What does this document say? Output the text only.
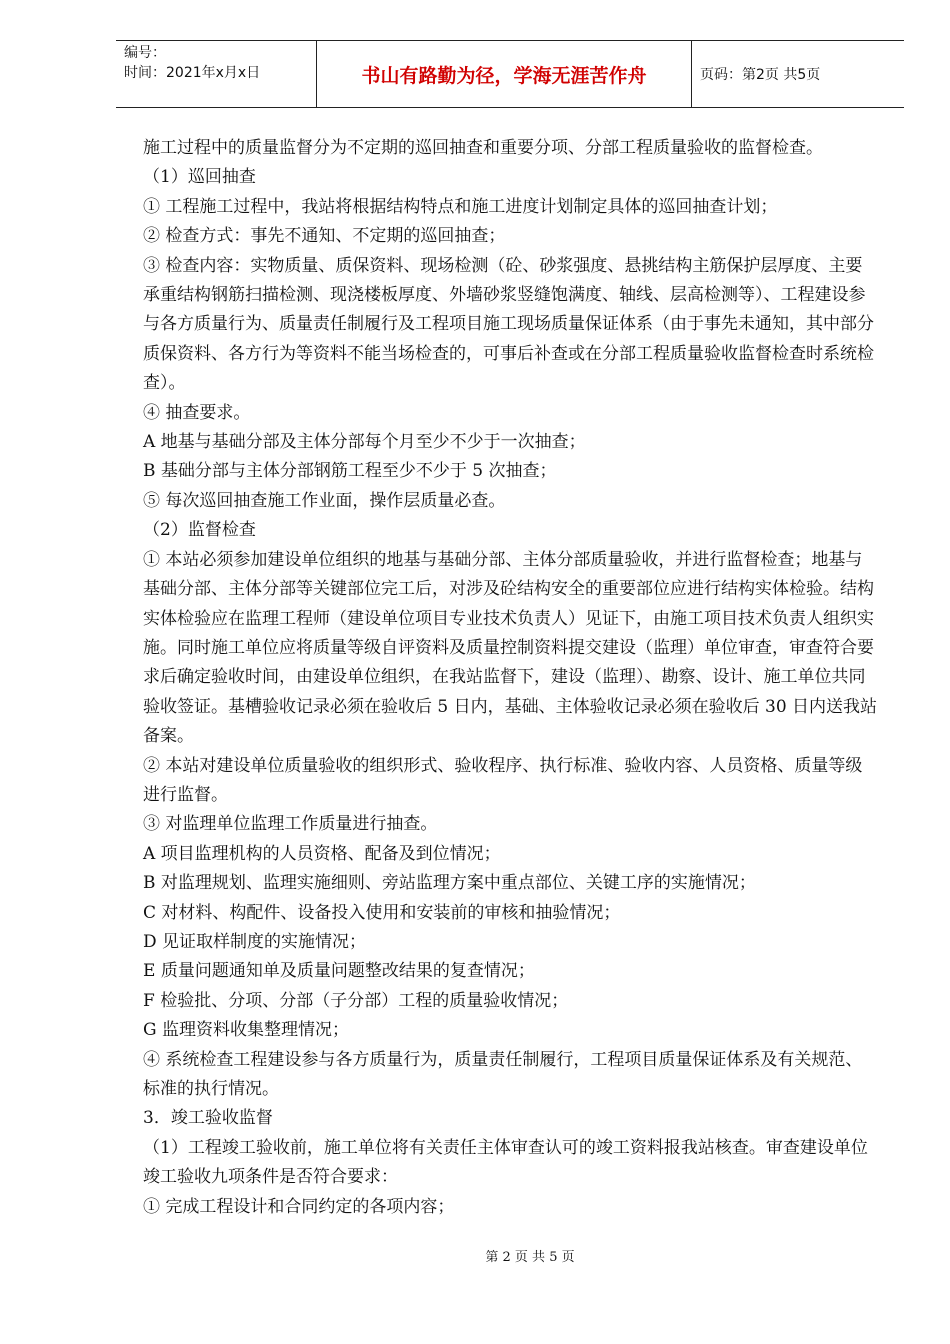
编号：
时间：2021年x月x日	书山有路勤为径，学海无涯苦作舟	页码：第2页 共5页

施工过程中的质量监督分为不定期的巡回抽查和重要分项、分部工程质量验收的监督检查。

（1）巡回抽查

① 工程施工过程中，我站将根据结构特点和施工进度计划制定具体的巡回抽查计划；

② 检查方式：事先不通知、不定期的巡回抽查；

③ 检查内容：实物质量、质保资料、现场检测（砼、砂浆强度、悬挑结构主筋保护层厚度、主要承重结构钢筋扫描检测、现浇楼板厚度、外墙砂浆竖缝饱满度、轴线、层高检测等）、工程建设参与各方质量行为、质量责任制履行及工程项目施工现场质量保证体系（由于事先未通知，其中部分质保资料、各方行为等资料不能当场检查的，可事后补查或在分部工程质量验收监督检查时系统检查）。

④ 抽查要求。

A 地基与基础分部及主体分部每个月至少不少于一次抽查；

B 基础分部与主体分部钢筋工程至少不少于 5 次抽查；

⑤ 每次巡回抽查施工作业面，操作层质量必查。

（2）监督检查

① 本站必须参加建设单位组织的地基与基础分部、主体分部质量验收，并进行监督检查；地基与基础分部、主体分部等关键部位完工后，对涉及砼结构安全的重要部位应进行结构实体检验。结构实体检验应在监理工程师（建设单位项目专业技术负责人）见证下，由施工项目技术负责人组织实施。同时施工单位应将质量等级自评资料及质量控制资料提交建设（监理）单位审查，审查符合要求后确定验收时间，由建设单位组织，在我站监督下，建设（监理）、勘察、设计、施工单位共同验收签证。基槽验收记录必须在验收后 5 日内，基础、主体验收记录必须在验收后 30 日内送我站备案。

② 本站对建设单位质量验收的组织形式、验收程序、执行标准、验收内容、人员资格、质量等级进行监督。

③ 对监理单位监理工作质量进行抽查。

A 项目监理机构的人员资格、配备及到位情况；

B 对监理规划、监理实施细则、旁站监理方案中重点部位、关键工序的实施情况；

C 对材料、构配件、设备投入使用和安装前的审核和抽验情况；

D 见证取样制度的实施情况；

E 质量问题通知单及质量问题整改结果的复查情况；

F 检验批、分项、分部（子分部）工程的质量验收情况；

G 监理资料收集整理情况；

④ 系统检查工程建设参与各方质量行为，质量责任制履行，工程项目质量保证体系及有关规范、标准的执行情况。

3．竣工验收监督

（1）工程竣工验收前，施工单位将有关责任主体审查认可的竣工资料报我站核查。审查建设单位竣工验收九项条件是否符合要求：

① 完成工程设计和合同约定的各项内容；

第 2 页 共 5 页
